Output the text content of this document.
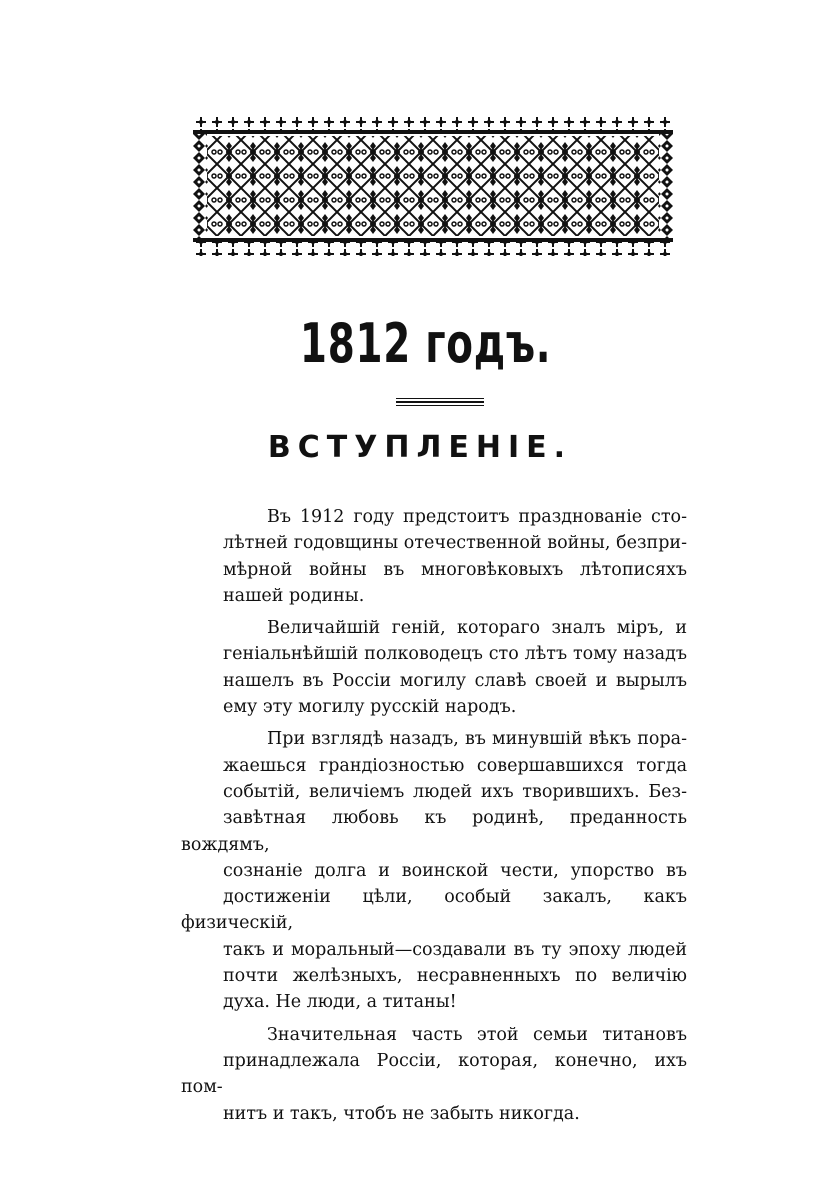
1812 годъ.
ВСТУПЛЕНІЕ.
Въ 1912 году предстоитъ празднованіе сто-
лѣтней годовщины отечественной войны, безпри-
мѣрной войны въ многовѣковыхъ лѣтописяхъ
нашей родины.
Величайшій геній, котораго зналъ міръ, и
геніальнѣйшій полководецъ сто лѣтъ тому назадъ
нашелъ въ Россіи могилу славѣ своей и вырылъ
ему эту могилу русскій народъ.
При взглядѣ назадъ, въ минувшій вѣкъ пора-
жаешься грандіозностью совершавшихся тогда
событій, величіемъ людей ихъ творившихъ. Без-
завѣтная любовь къ родинѣ, преданность вождямъ,
сознаніе долга и воинской чести, упорство въ
достиженіи цѣли, особый закалъ, какъ физическій,
такъ и моральный—создавали въ ту эпоху людей
почти желѣзныхъ, несравненныхъ по величію
духа. Не люди, а титаны!
Значительная часть этой семьи титановъ
принадлежала Россіи, которая, конечно, ихъ пом-
нитъ и такъ, чтобъ не забыть никогда.
